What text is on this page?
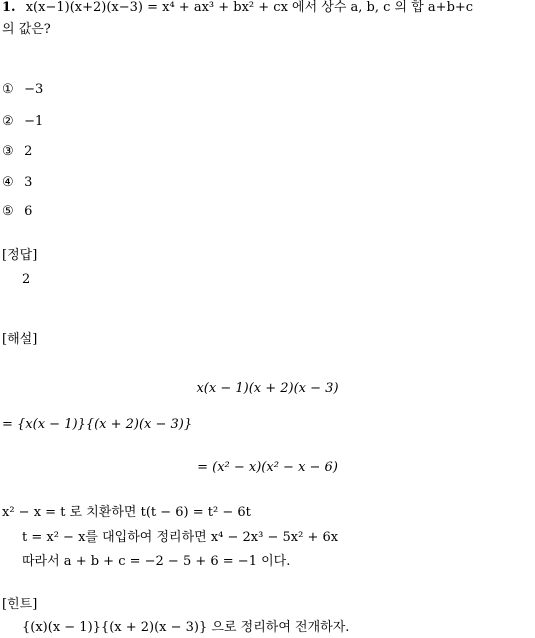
1. x(x−1)(x+2)(x−3) = x⁴ + ax³ + bx² + cx 에서 상수 a, b, c 의 합 a+b+c
의 값은?
① −3
② −1
③ 2
④ 3
⑤ 6
[정답]
2
[해설]
x(x − 1)(x + 2)(x − 3)
= {x(x − 1)}{(x + 2)(x − 3)}
= (x² − x)(x² − x − 6)
x² − x = t 로 치환하면 t(t − 6) = t² − 6t
t = x² − x를 대입하여 정리하면 x⁴ − 2x³ − 5x² + 6x
따라서 a + b + c = −2 − 5 + 6 = −1 이다.
[힌트]
{(x)(x − 1)}{(x + 2)(x − 3)} 으로 정리하여 전개하자.
